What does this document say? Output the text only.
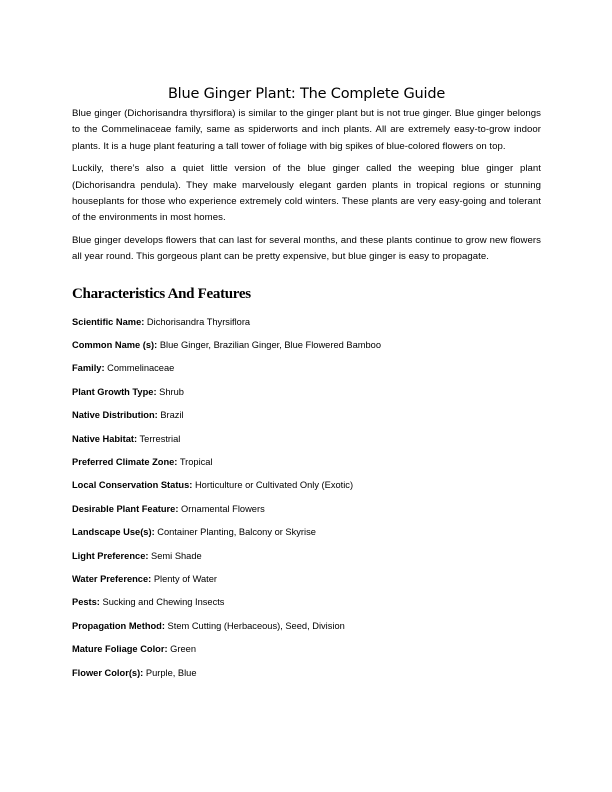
Blue Ginger Plant: The Complete Guide

Blue ginger (Dichorisandra thyrsiflora) is similar to the ginger plant but is not true ginger. Blue ginger belongs to the Commelinaceae family, same as spiderworts and inch plants. All are extremely easy-to-grow indoor plants. It is a huge plant featuring a tall tower of foliage with big spikes of blue-colored flowers on top.

Luckily, there’s also a quiet little version of the blue ginger called the weeping blue ginger plant (Dichorisandra pendula). They make marvelously elegant garden plants in tropical regions or stunning houseplants for those who experience extremely cold winters. These plants are very easy-going and tolerant of the environments in most homes.

Blue ginger develops flowers that can last for several months, and these plants continue to grow new flowers all year round. This gorgeous plant can be pretty expensive, but blue ginger is easy to propagate.

Characteristics And Features
Scientific Name: Dichorisandra Thyrsiflora
Common Name (s): Blue Ginger, Brazilian Ginger, Blue Flowered Bamboo
Family: Commelinaceae
Plant Growth Type: Shrub
Native Distribution: Brazil
Native Habitat: Terrestrial
Preferred Climate Zone: Tropical
Local Conservation Status: Horticulture or Cultivated Only (Exotic)
Desirable Plant Feature: Ornamental Flowers
Landscape Use(s): Container Planting, Balcony or Skyrise
Light Preference: Semi Shade
Water Preference: Plenty of Water
Pests: Sucking and Chewing Insects
Propagation Method: Stem Cutting (Herbaceous), Seed, Division
Mature Foliage Color: Green
Flower Color(s): Purple, Blue
